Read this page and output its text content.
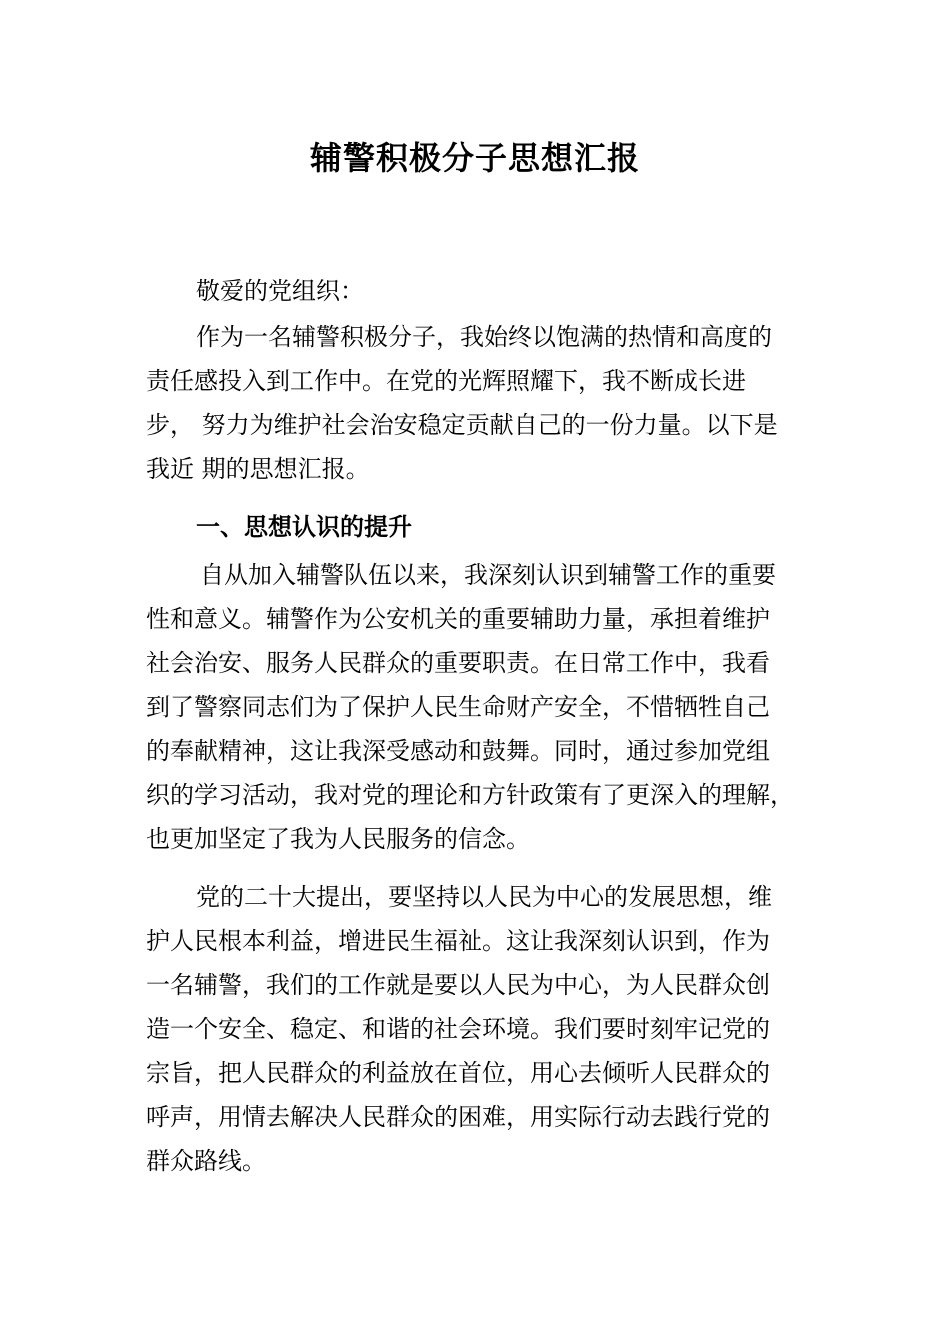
辅警积极分子思想汇报
敬爱的党组织：
作为一名辅警积极分子，我始终以饱满的热情和高度的
责任感投入到工作中。在党的光辉照耀下，我不断成长进
步， 努力为维护社会治安稳定贡献自己的一份力量。以下是
我近 期的思想汇报。
一、思想认识的提升
自从加入辅警队伍以来，我深刻认识到辅警工作的重要
性和意义。辅警作为公安机关的重要辅助力量，承担着维护
社会治安、服务人民群众的重要职责。在日常工作中，我看
到了警察同志们为了保护人民生命财产安全，不惜牺牲自己
的奉献精神，这让我深受感动和鼓舞。同时，通过参加党组
织的学习活动，我对党的理论和方针政策有了更深入的理解，
也更加坚定了我为人民服务的信念。
党的二十大提出，要坚持以人民为中心的发展思想，维
护人民根本利益，增进民生福祉。这让我深刻认识到，作为
一名辅警，我们的工作就是要以人民为中心，为人民群众创
造一个安全、稳定、和谐的社会环境。我们要时刻牢记党的
宗旨，把人民群众的利益放在首位，用心去倾听人民群众的
呼声，用情去解决人民群众的困难，用实际行动去践行党的
群众路线。
